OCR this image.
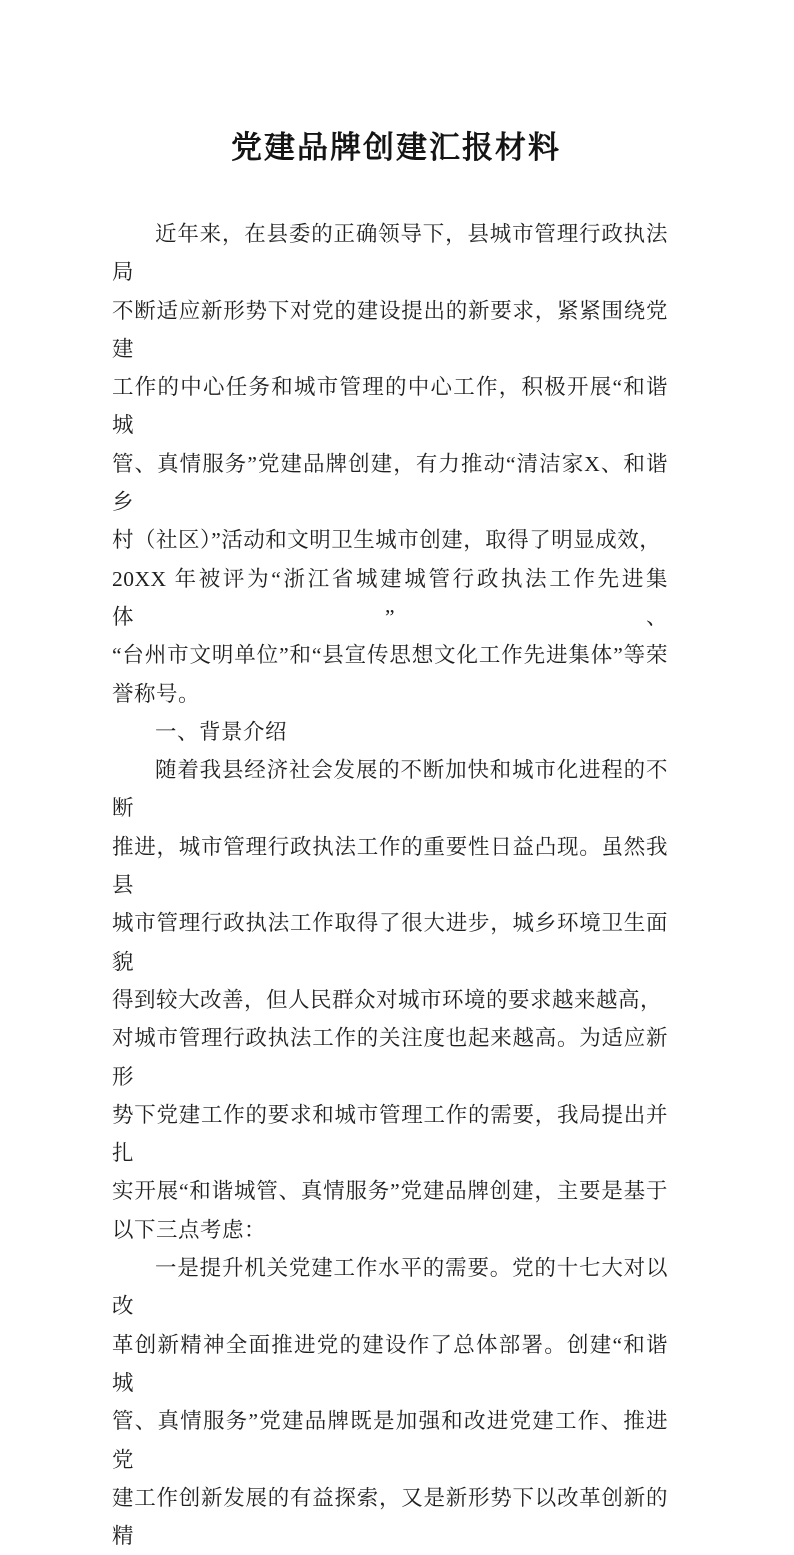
党建品牌创建汇报材料
近年来，在县委的正确领导下，县城市管理行政执法局
不断适应新形势下对党的建设提出的新要求，紧紧围绕党建
工作的中心任务和城市管理的中心工作，积极开展“和谐城
管、真情服务”党建品牌创建，有力推动“清洁家X、和谐乡
村（社区）”活动和文明卫生城市创建，取得了明显成效，
20XX 年被评为“浙江省城建城管行政执法工作先进集体”、
“台州市文明单位”和“县宣传思想文化工作先进集体”等荣
誉称号。
一、背景介绍
随着我县经济社会发展的不断加快和城市化进程的不断
推进，城市管理行政执法工作的重要性日益凸现。虽然我县
城市管理行政执法工作取得了很大进步，城乡环境卫生面貌
得到较大改善，但人民群众对城市环境的要求越来越高，
对城市管理行政执法工作的关注度也起来越高。为适应新形
势下党建工作的要求和城市管理工作的需要，我局提出并扎
实开展“和谐城管、真情服务”党建品牌创建，主要是基于
以下三点考虑：
一是提升机关党建工作水平的需要。党的十七大对以改
革创新精神全面推进党的建设作了总体部署。创建“和谐城
管、真情服务”党建品牌既是加强和改进党建工作、推进党
建工作创新发展的有益探索，又是新形势下以改革创新的精
